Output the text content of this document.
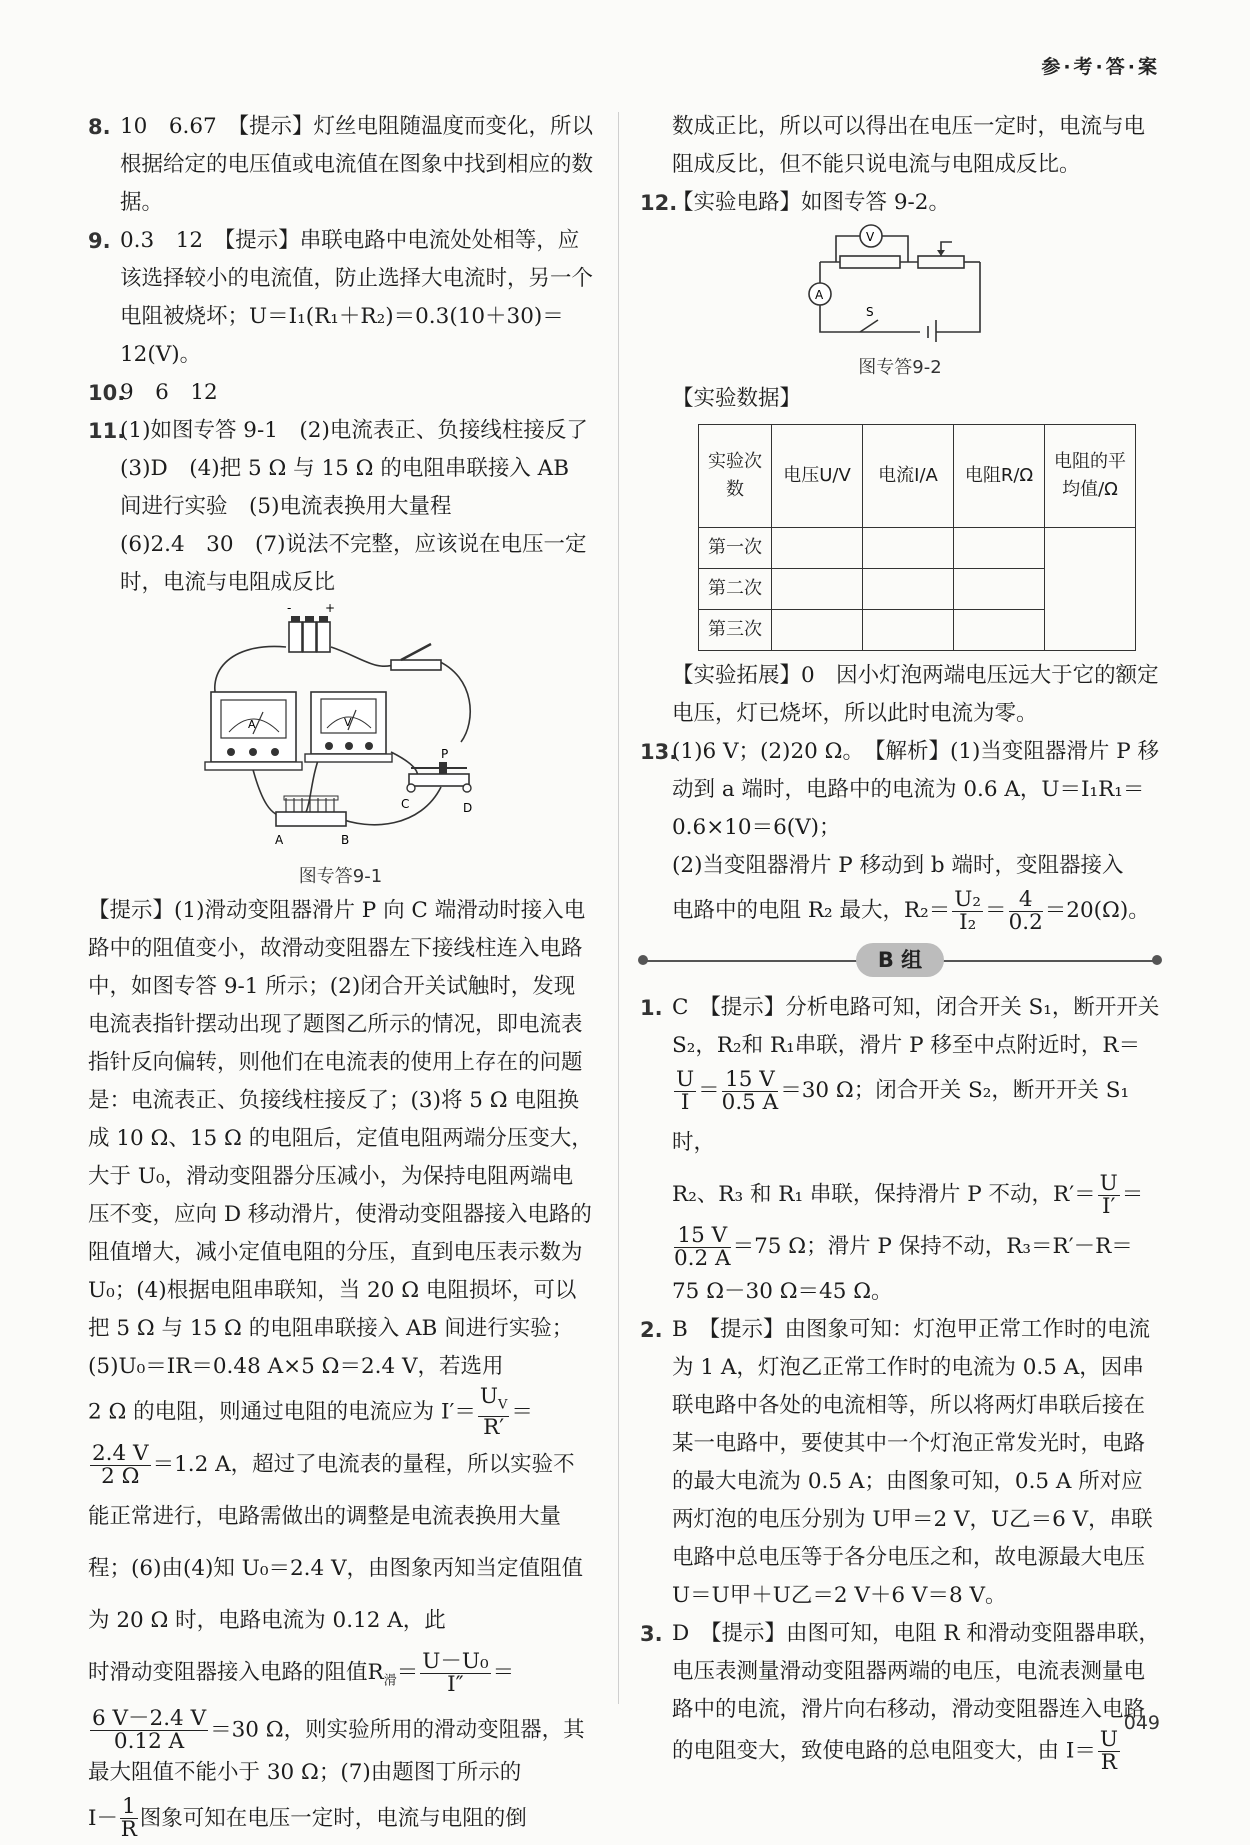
参·考·答·案

8. 10　6.67　【提示】灯丝电阻随温度而变化，所以根据给定的电压值或电流值在图象中找到相应的数据。

9. 0.3　12　【提示】串联电路中电流处处相等，应该选择较小的电流值，防止选择大电流时，另一个电阻被烧坏；U＝I₁(R₁＋R₂)＝0.3(10＋30)＝12(V)。

10.
9　6　12

11.
(1)如图专答 9-1　(2)电流表正、负接线柱接反了　(3)D　(4)把 5 Ω 与 15 Ω 的电阻串联接入 AB 间进行实验　(5)电流表换用大量程

(6)2.4　30　(7)说法不完整，应该说在电压一定时，电流与电阻成反比

-	+
A	V
P
C	D
A	B
图专答9-1

【提示】(1)滑动变阻器滑片 P 向 C 端滑动时接入电路中的阻值变小，故滑动变阻器左下接线柱连入电路中，如图专答 9-1 所示；(2)闭合开关试触时，发现电流表指针摆动出现了题图乙所示的情况，即电流表指针反向偏转，则他们在电流表的使用上存在的问题是：电流表正、负接线柱接反了；(3)将 5 Ω 电阻换成 10 Ω、15 Ω 的电阻后，定值电阻两端分压变大，大于 U₀，滑动变阻器分压减小，为保持电阻两端电压不变，应向 D 移动滑片，使滑动变阻器接入电路的阻值增大，减小定值电阻的分压，直到电压表示数为 U₀；(4)根据电阻串联知，当 20 Ω 电阻损坏，可以把 5 Ω 与 15 Ω 的电阻串联接入 AB 间进行实验；(5)U₀＝IR＝0.48 A×5 Ω＝2.4 V，若选用

2 Ω 的电阻，则通过电阻的电流应为 $I'= \frac{U_V}{R'}$ ＝

$\frac{2.4 V}{2 \Omega} =1.2$ A，超过了电流表的量程，所以实验不能正常进行，电路需做出的调整是电流表换用大量程；(6)由(4)知 U₀＝2.4 V，由图象丙知当定值阻值为 20 Ω 时，电路电流为 0.12 A，此

时滑动变阻器接入电路的阻值$R_滑= \frac{\text{U－U₀}}{I''}$ ＝

$\frac{6 V-2.4 V}{0.12 A} =30$ Ω，则实验所用的滑动变阻器，其最大阻值不能小于 30 Ω；(7)由题图丁所示的

$I- \frac{1}{R}$ 图象可知在电压一定时，电流与电阻的倒

数成正比，所以可以得出在电压一定时，电流与电阻成反比，但不能只说电流与电阻成反比。

12.
【实验电路】如图专答 9-2。

V
A
S
图专答9-2

【实验数据】

实验次数	电压U/V	电流I/A	电阻R/Ω	电阻的平均值/Ω
第一次				
第二次				
第三次				

【实验拓展】0　因小灯泡两端电压远大于它的额定电压，灯已烧坏，所以此时电流为零。

13.
(1)6 V；(2)20 Ω。　【解析】(1)当变阻器滑片 P 移动到 a 端时，电路中的电流为 0.6 A，U＝I₁R₁＝0.6×10＝6(V)；

(2)当变阻器滑片 P 移动到 b 端时，变阻器接入

电路中的电阻 R₂ 最大，$R_2= \frac{\text{U₂}}{\text{I₂}} = \frac{4}{0.2} =20(\Omega)$。

B 组

1. C　【提示】分析电路可知，闭合开关 S₁，断开开关 S₂，R₂和 R₁串联，滑片 P 移至中点附近时，R＝

$\frac{U}{I} = \frac{15 V}{0.5 A} =30$ Ω；闭合开关 S₂，断开开关 S₁时，

R₂、R₃ 和 R₁ 串联，保持滑片 P 不动，$R'= \frac{U}{I'}$ ＝

$\frac{15 V}{0.2 A} =75$ Ω；滑片 P 保持不动，R₃＝R′－R＝

75 Ω－30 Ω＝45 Ω。

2. B　【提示】由图象可知：灯泡甲正常工作时的电流为 1 A，灯泡乙正常工作时的电流为 0.5 A，因串联电路中各处的电流相等，所以将两灯串联后接在某一电路中，要使其中一个灯泡正常发光时，电路的最大电流为 0.5 A；由图象可知，0.5 A 所对应两灯泡的电压分别为 U甲＝2 V，U乙＝6 V，串联电路中总电压等于各分电压之和，故电源最大电压 U＝U甲＋U乙＝2 V＋6 V＝8 V。

3. D　【提示】由图可知，电阻 R 和滑动变阻器串联，电压表测量滑动变阻器两端的电压，电流表测量电路中的电流，滑片向右移动，滑动变阻器连入电路的电阻变大，致使电路的总电阻变大，由 $I= \frac{U}{R}$

049
